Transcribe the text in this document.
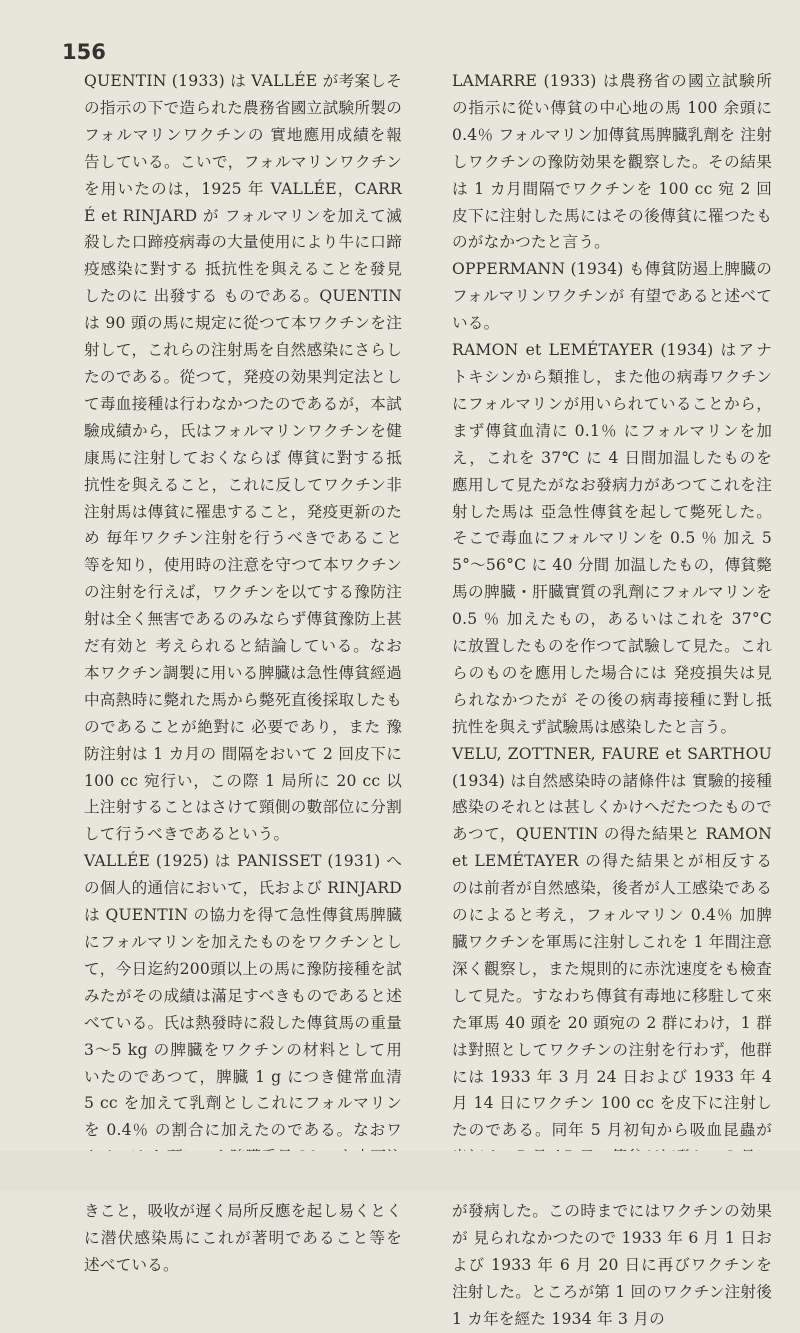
156

QUENTIN (1933) は VALLÉE が考案しその指示の下で造られた農務省國立試験所製の フォルマリンワクチンの 實地應用成績を報告している。こいで，フォルマリンワクチンを用いたのは，1925 年 VALLÉE，CARRÉ et RINJARD が フォルマリンを加えて滅殺した口蹄疫病毒の大量使用により牛に口蹄疫感染に對する 抵抗性を與えることを發見したのに 出發する ものである。QUENTIN は 90 頭の馬に規定に從つて本ワクチンを注射して，これらの注射馬を自然感染にさらしたのである。從つて，発疫の効果判定法として毒血接種は行わなかつたのであるが，本試驗成績から，氏はフォルマリンワクチンを健康馬に注射しておくならば 傳貧に對する抵抗性を與えること，これに反してワクチン非注射馬は傳貧に罹患すること，発疫更新のため 毎年ワクチン注射を行うべきであること等を知り，使用時の注意を守つて本ワクチンの注射を行えば，ワクチンを以てする豫防注射は全く無害であるのみならず傳貧豫防上甚だ有効と 考えられると結論している。なお本ワクチン調製に用いる脾臓は急性傳貧經過中高熱時に斃れた馬から斃死直後採取したものであることが絶對に 必要であり，また 豫防注射は 1 カ月の 間隔をおいて 2 回皮下に 100 cc 宛行い，この際 1 局所に 20 cc 以上注射することはさけて頸側の數部位に分割して行うべきであるという。

VALLÉE (1925) は PANISSET (1931) への個人的通信において，氏および RINJARD は QUENTIN の協力を得て急性傳貧馬脾臓にフォルマリンを加えたものをワクチンとして，今日迄約200頭以上の馬に豫防接種を試みたがその成績は滿足すべきものであると述べている。氏は熱發時に殺した傳貧馬の重量 3〜5 kg の脾臓をワクチンの材料として用いたのであつて，脾臓 1 g につき健常血清 5 cc を加えて乳劑としこれにフォルマリンを 0.4％ の割合に加えたのである。なおワ きこと，吸收が遅く局所反應を起し易くとくに潜伏感染馬にこれが著明であること等を 述べている。

LAMARRE (1933) は農務省の國立試験所の指示に從い傳貧の中心地の馬 100 余頭に 0.4％ フォルマリン加傳貧馬脾臓乳劑を 注射しワクチンの豫防効果を觀察した。その結果は 1 カ月間隔でワクチンを 100 cc 宛 2 回皮下に注射した馬にはその後傳貧に罹つたものがなかつたと言う。

OPPERMANN (1934) も傳貧防遏上脾臓のフォルマリンワクチンが 有望であると述べている。

RAMON et LEMÉTAYER (1934) はアナトキシンから類推し，また他の病毒ワクチンにフォルマリンが用いられていることから，まず傳貧血清に 0.1％ にフォルマリンを加え，これを 37℃ に 4 日間加温したものを應用して見たがなお發病力があつてこれを注射した馬は 亞急性傳貧を起して斃死した。そこで毒血にフォルマリンを 0.5 ％ 加え 55°〜56°C に 40 分間 加温したもの，傳貧斃馬の脾臓・肝臓實質の乳劑にフォルマリンを 0.5 ％ 加えたもの，あるいはこれを 37°C に放置したものを作つて試驗して見た。これらのものを應用した場合には 発疫損失は見られなかつたが その後の病毒接種に對し抵抗性を與えず試驗馬は感染したと言う。

VELU, ZOTTNER, FAURE et SARTHOU (1934) は自然感染時の諸條件は 實驗的接種感染のそれとは甚しくかけへだたつたものであつて，QUENTIN の得た結果と RAMON et LEMÉTAYER の得た結果とが相反するのは前者が自然感染，後者が人工感染であるのによると考え，フォルマリン 0.4％ 加脾臓ワクチンを軍馬に注射しこれを 1 年間注意深く觀察し，また規則的に赤沈速度をも檢査して見た。すなわち傳貧有毒地に移駐して來た軍馬 40 頭を 20 頭宛の 2 群にわけ，1 群は對照としてワクチンの注射を行わず，他群には 1933 年 3 月 24 日および 1933 年 4 月 14 日にワクチン 100 cc を皮下に注射したのである。同年 5 月初旬から吸血昆蟲が が發病した。この時までにはワクチンの効果が 見られなかつたので 1933 年 6 月 1 日および 1933 年 6 月 20 日に再びワクチンを注射した。ところが第 1 回のワクチン注射後 1 カ年を經た 1934 年 3 月の
